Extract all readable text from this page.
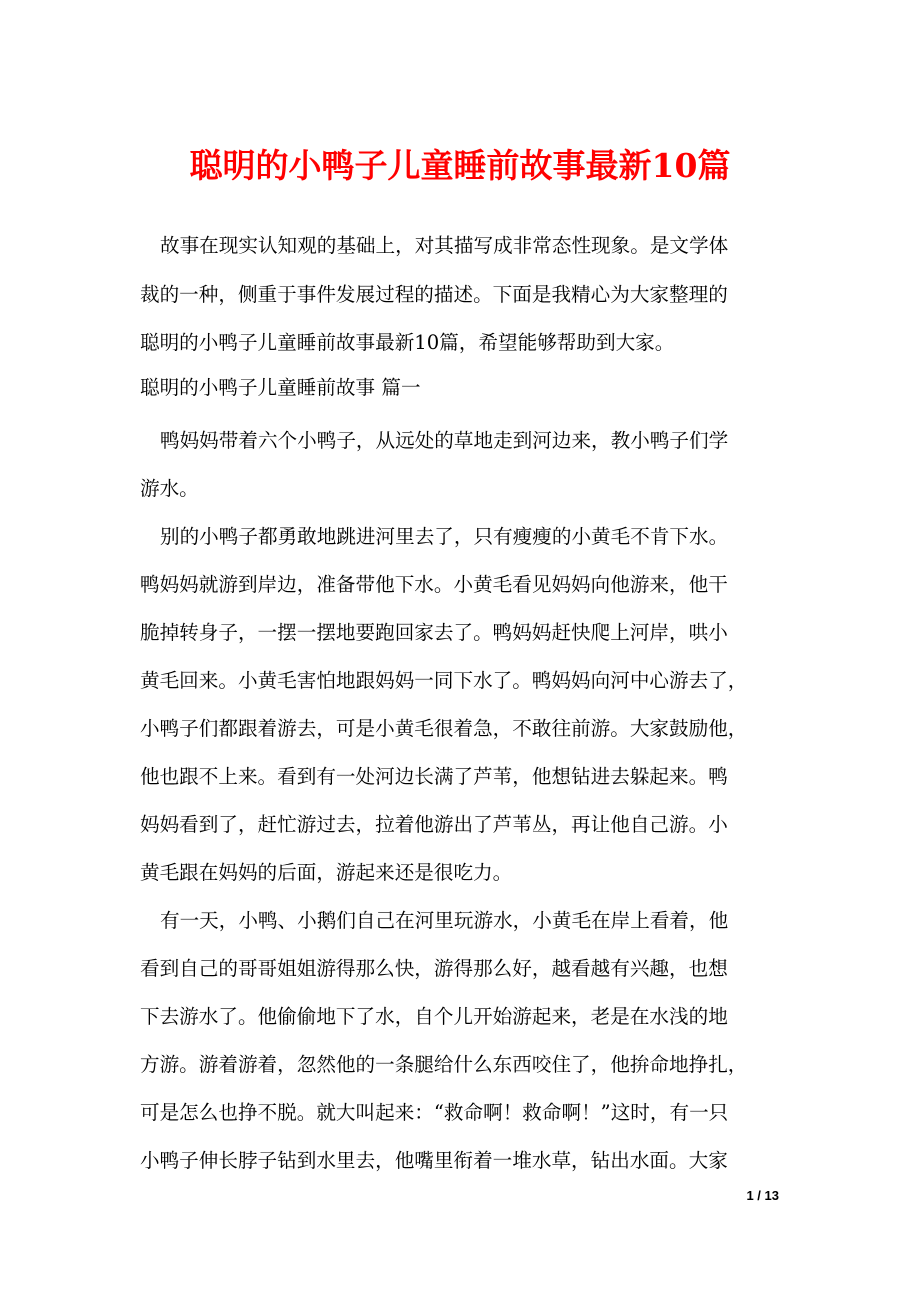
聪明的小鸭子儿童睡前故事最新10篇
故事在现实认知观的基础上，对其描写成非常态性现象。是文学体
裁的一种，侧重于事件发展过程的描述。下面是我精心为大家整理的
聪明的小鸭子儿童睡前故事最新10篇，希望能够帮助到大家。
聪明的小鸭子儿童睡前故事 篇一
鸭妈妈带着六个小鸭子，从远处的草地走到河边来，教小鸭子们学
游水。
别的小鸭子都勇敢地跳进河里去了，只有瘦瘦的小黄毛不肯下水。
鸭妈妈就游到岸边，准备带他下水。小黄毛看见妈妈向他游来，他干
脆掉转身子，一摆一摆地要跑回家去了。鸭妈妈赶快爬上河岸，哄小
黄毛回来。小黄毛害怕地跟妈妈一同下水了。鸭妈妈向河中心游去了，
小鸭子们都跟着游去，可是小黄毛很着急，不敢往前游。大家鼓励他，
他也跟不上来。看到有一处河边长满了芦苇，他想钻进去躲起来。鸭
妈妈看到了，赶忙游过去，拉着他游出了芦苇丛，再让他自己游。小
黄毛跟在妈妈的后面，游起来还是很吃力。
有一天，小鸭、小鹅们自己在河里玩游水，小黄毛在岸上看着，他
看到自己的哥哥姐姐游得那么快，游得那么好，越看越有兴趣，也想
下去游水了。他偷偷地下了水，自个儿开始游起来，老是在水浅的地
方游。游着游着，忽然他的一条腿给什么东西咬住了，他拚命地挣扎，
可是怎么也挣不脱。就大叫起来：“救命啊！救命啊！”这时，有一只
小鸭子伸长脖子钻到水里去，他嘴里衔着一堆水草，钻出水面。大家
1 / 13
